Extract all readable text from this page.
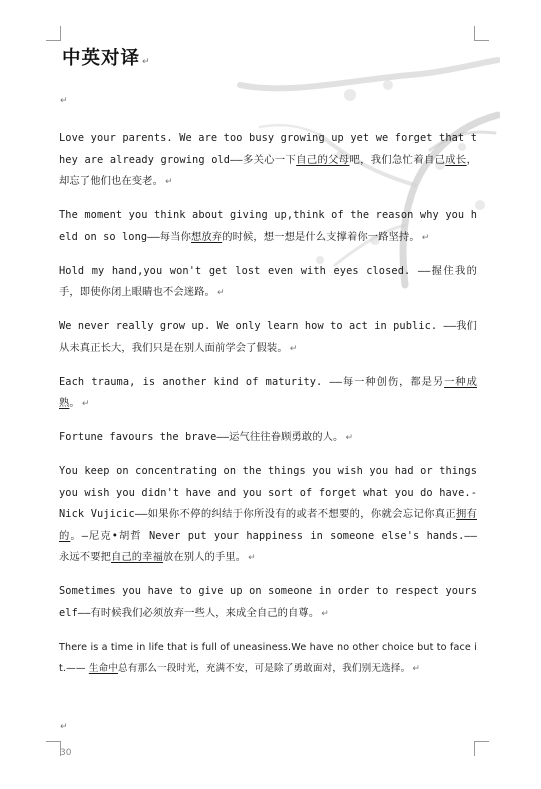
中英对译 ↵
↵

Love your parents. We are too busy growing up yet we forget that they are already growing old——多关心一下自己的父母吧，我们急忙着自己成长，却忘了他们也在变老。 ↵

The moment you think about giving up,think of the reason why you held on so long——每当你想放弃的时候，想一想是什么支撑着你一路坚持。 ↵

Hold my hand,you won't get lost even with eyes closed. ——握住我的手，即使你闭上眼睛也不会迷路。 ↵

We never really grow up. We only learn how to act in public. ——我们从未真正长大，我们只是在别人面前学会了假装。 ↵

Each trauma, is another kind of maturity. ——每一种创伤，都是另一种成熟。 ↵

Fortune favours the brave——运气往往眷顾勇敢的人。 ↵

You keep on concentrating on the things you wish you had or things you wish you didn't have and you sort of forget what you do have.-Nick Vujicic——如果你不停的纠结于你所没有的或者不想要的，你就会忘记你真正拥有的。—尼克•胡哲 Never put your happiness in someone else's hands.—— 永远不要把自己的幸福放在别人的手里。 ↵

Sometimes you have to give up on someone in order to respect yourself——有时候我们必须放弃一些人，来成全自己的自尊。 ↵

There is a time in life that is full of uneasiness.We have no other choice but to face it.—— 生命中总有那么一段时光，充满不安，可是除了勇敢面对，我们别无选择。 ↵

↵
30
